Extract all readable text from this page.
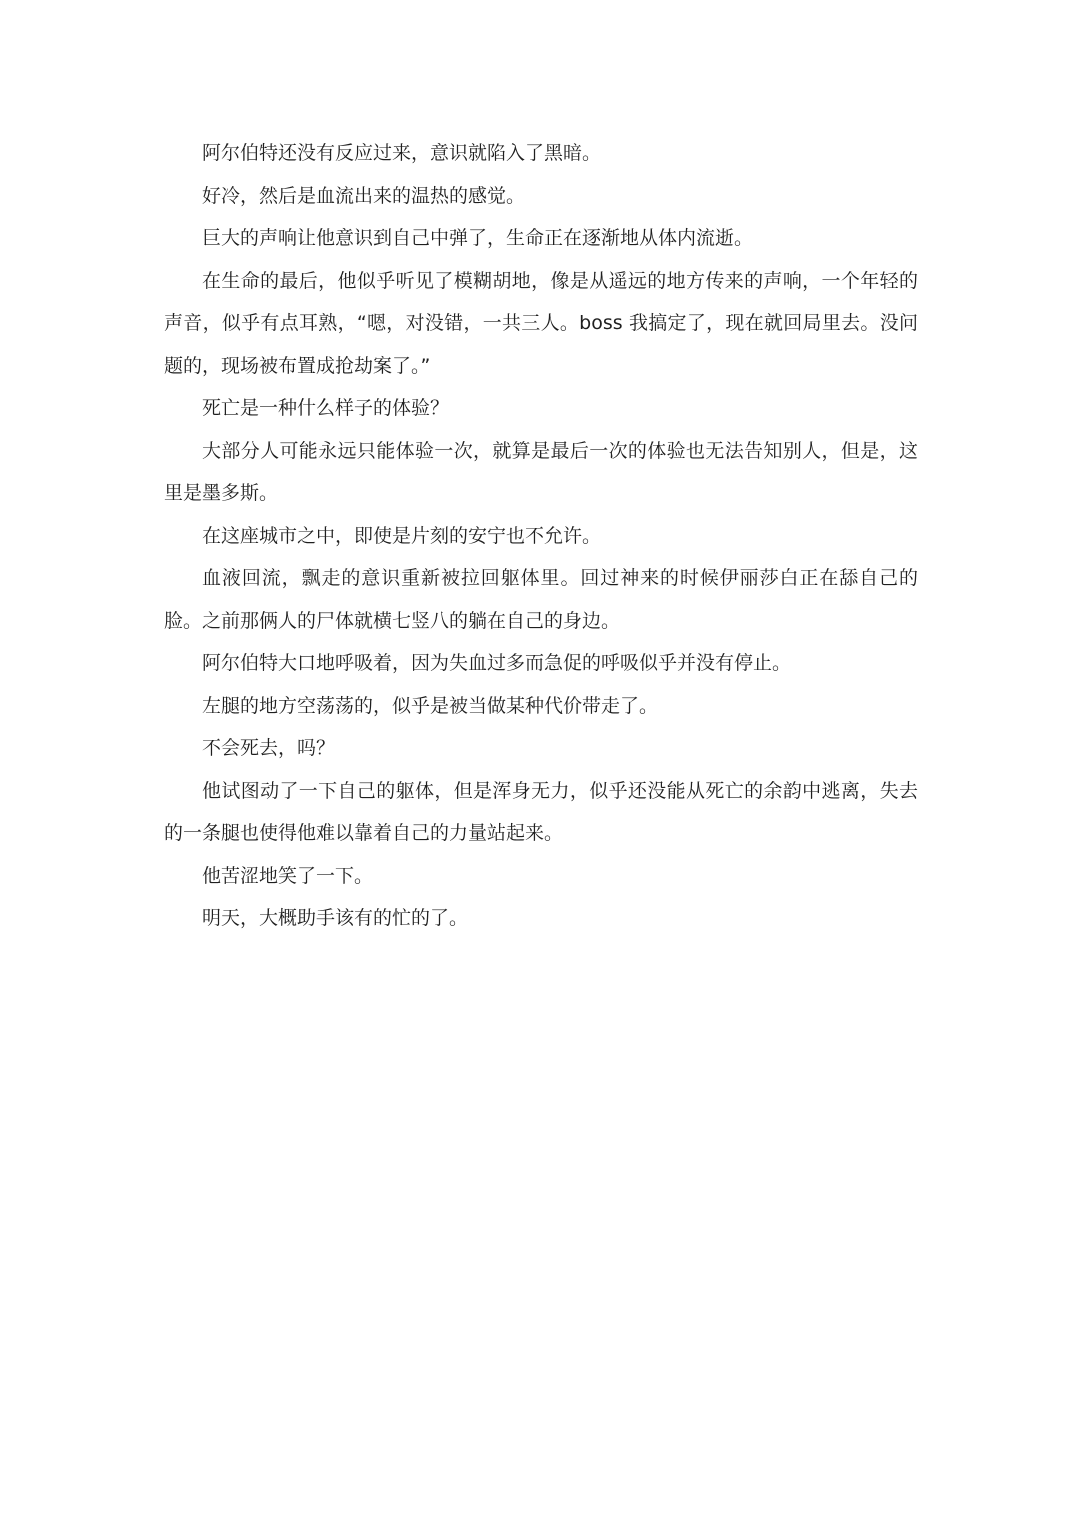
阿尔伯特还没有反应过来，意识就陷入了黑暗。

好冷，然后是血流出来的温热的感觉。

巨大的声响让他意识到自己中弹了，生命正在逐渐地从体内流逝。

在生命的最后，他似乎听见了模糊胡地，像是从遥远的地方传来的声响，一个年轻的声音，似乎有点耳熟，“嗯，对没错，一共三人。boss 我搞定了，现在就回局里去。没问题的，现场被布置成抢劫案了。”

死亡是一种什么样子的体验？

大部分人可能永远只能体验一次，就算是最后一次的体验也无法告知别人，但是，这里是墨多斯。

在这座城市之中，即使是片刻的安宁也不允许。

血液回流，飘走的意识重新被拉回躯体里。回过神来的时候伊丽莎白正在舔自己的脸。之前那俩人的尸体就横七竖八的躺在自己的身边。

阿尔伯特大口地呼吸着，因为失血过多而急促的呼吸似乎并没有停止。

左腿的地方空荡荡的，似乎是被当做某种代价带走了。

不会死去，吗？

他试图动了一下自己的躯体，但是浑身无力，似乎还没能从死亡的余韵中逃离，失去的一条腿也使得他难以靠着自己的力量站起来。

他苦涩地笑了一下。

明天，大概助手该有的忙的了。
